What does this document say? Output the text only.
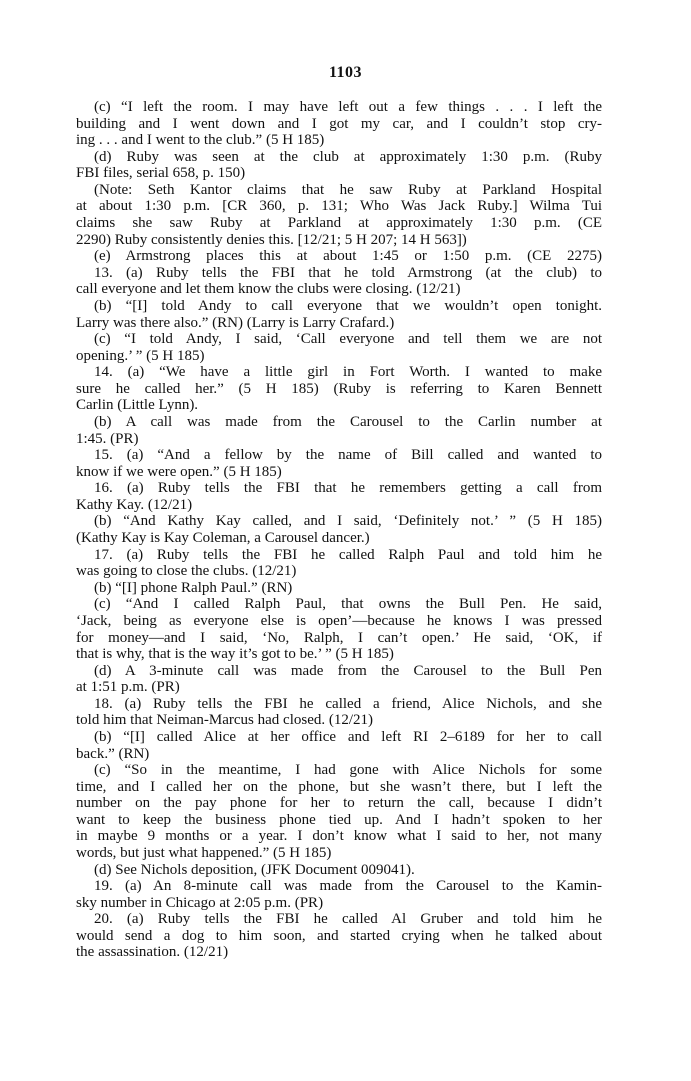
1103
(c) “I left the room. I may have left out a few things . . . I left the
building and I went down and I got my car, and I couldn’t stop cry-
ing . . . and I went to the club.” (5 H 185)
(d) Ruby was seen at the club at approximately 1:30 p.m. (Ruby
FBI files, serial 658, p. 150)
(Note: Seth Kantor claims that he saw Ruby at Parkland Hospital
at about 1:30 p.m. [CR 360, p. 131; Who Was Jack Ruby.] Wilma Tui
claims she saw Ruby at Parkland at approximately 1:30 p.m. (CE
2290) Ruby consistently denies this. [12/21; 5 H 207; 14 H 563])
(e) Armstrong places this at about 1:45 or 1:50 p.m. (CE 2275)
13. (a) Ruby tells the FBI that he told Armstrong (at the club) to
call everyone and let them know the clubs were closing. (12/21)
(b) “[I] told Andy to call everyone that we wouldn’t open tonight.
Larry was there also.” (RN) (Larry is Larry Crafard.)
(c) “I told Andy, I said, ‘Call everyone and tell them we are not
opening.’ ” (5 H 185)
14. (a) “We have a little girl in Fort Worth. I wanted to make
sure he called her.” (5 H 185) (Ruby is referring to Karen Bennett
Carlin (Little Lynn).
(b) A call was made from the Carousel to the Carlin number at
1:45. (PR)
15. (a) “And a fellow by the name of Bill called and wanted to
know if we were open.” (5 H 185)
16. (a) Ruby tells the FBI that he remembers getting a call from
Kathy Kay. (12/21)
(b) “And Kathy Kay called, and I said, ‘Definitely not.’ ” (5 H 185)
(Kathy Kay is Kay Coleman, a Carousel dancer.)
17. (a) Ruby tells the FBI he called Ralph Paul and told him he
was going to close the clubs. (12/21)
(b) “[I] phone Ralph Paul.” (RN)
(c) “And I called Ralph Paul, that owns the Bull Pen. He said,
‘Jack, being as everyone else is open’—because he knows I was pressed
for money—and I said, ‘No, Ralph, I can’t open.’ He said, ‘OK, if
that is why, that is the way it’s got to be.’ ” (5 H 185)
(d) A 3-minute call was made from the Carousel to the Bull Pen
at 1:51 p.m. (PR)
18. (a) Ruby tells the FBI he called a friend, Alice Nichols, and she
told him that Neiman-Marcus had closed. (12/21)
(b) “[I] called Alice at her office and left RI 2–6189 for her to call
back.” (RN)
(c) “So in the meantime, I had gone with Alice Nichols for some
time, and I called her on the phone, but she wasn’t there, but I left the
number on the pay phone for her to return the call, because I didn’t
want to keep the business phone tied up. And I hadn’t spoken to her
in maybe 9 months or a year. I don’t know what I said to her, not many
words, but just what happened.” (5 H 185)
(d) See Nichols deposition, (JFK Document 009041).
19. (a) An 8-minute call was made from the Carousel to the Kamin-
sky number in Chicago at 2:05 p.m. (PR)
20. (a) Ruby tells the FBI he called Al Gruber and told him he
would send a dog to him soon, and started crying when he talked about
the assassination. (12/21)
